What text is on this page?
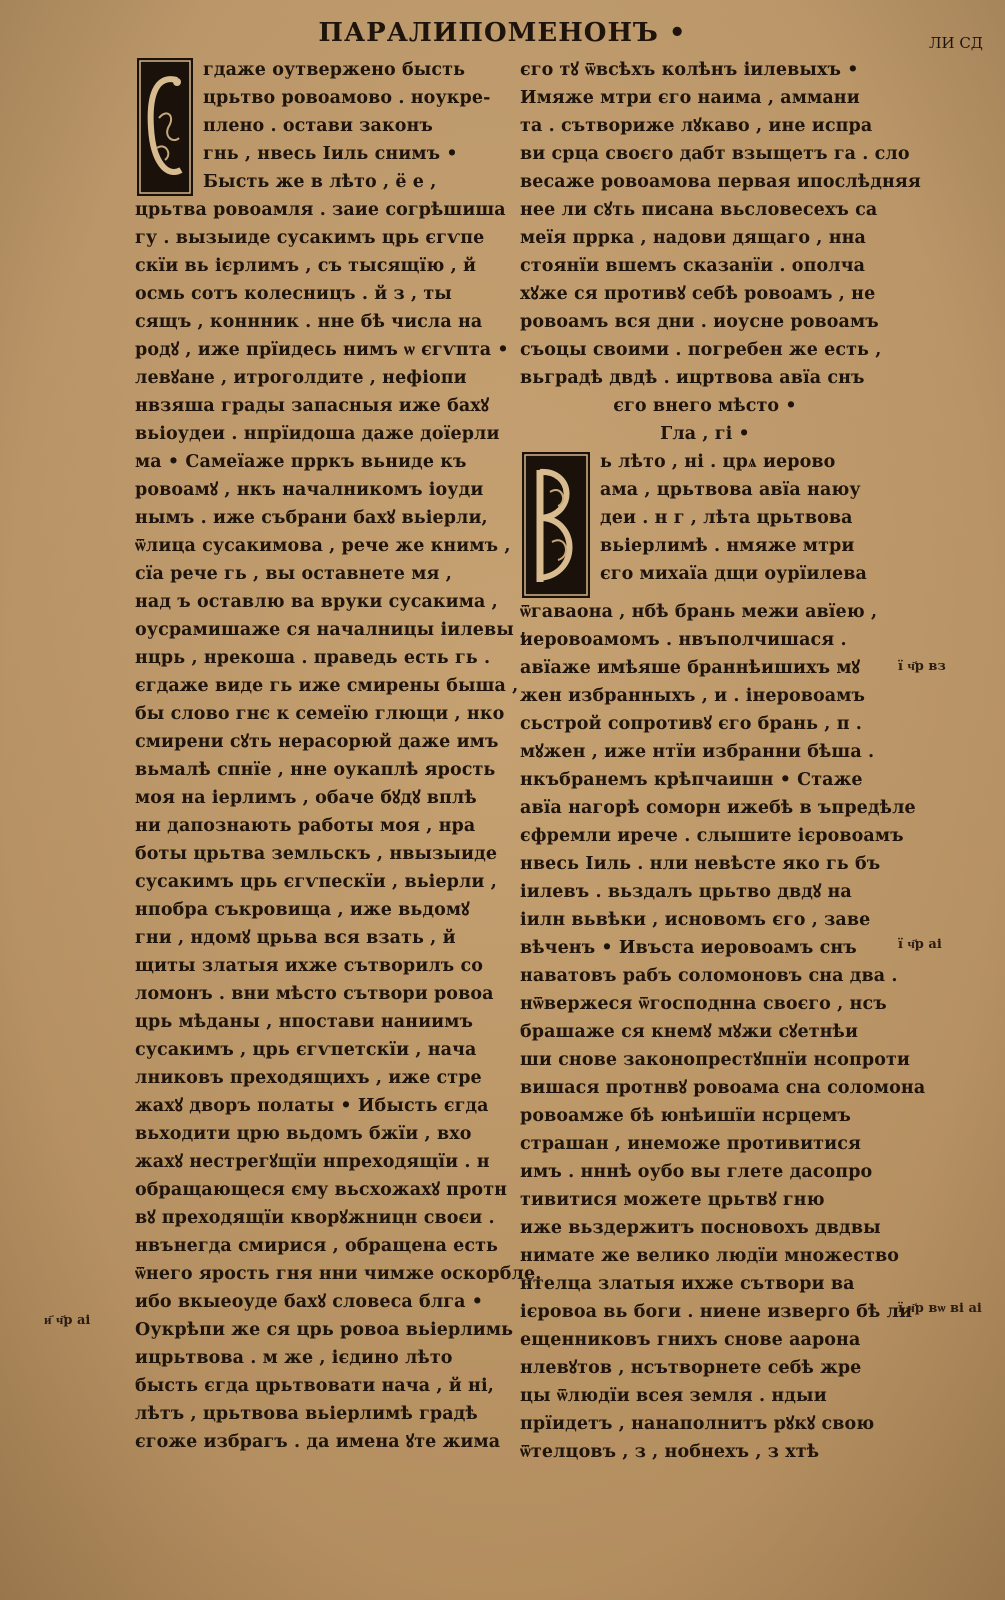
ПАРАЛИПОМЕНОНЪ •	ЛИ СД
гдаже оутвержено бысть
црьтво ровоамово . ноукре-
плено . остави законъ
гнь , нвесь Іиль снимъ •
Бысть же в лѣто , ё е ,
црьтва ровоамля . заие согрѣшиша
гу . вызыиде сусакимъ црь єгѵпе
скїи вь ієрлимъ , съ тысящїю , й
осмь сотъ колесницъ . й з , ты
сящъ , коннник . нне бѣ числа на
родꙋ , иже прїидесь нимъ ѡ єгѵпта •
левꙋане , итроголдите , нефіопи
нвзяша грады запасныя иже бахꙋ
вьіоудеи . нпрїидоша даже доїерли
ма • Самеїаже прркъ вьниде къ
ровоамꙋ , нкъ началникомъ іоуди
нымъ . иже събрани бахꙋ вьіерли,
ѿлица сусакимова , рече же книмъ ,
сїа рече гь , вы оставнете мя ,
над ъ оставлю ва вруки сусакима ,
оусрамишаже ся началницы іилевы ,
нцрь , нрекоша . праведь есть гь .
єгдаже виде гь иже смирены быша ,
бы слово гнє к семеїю глющи , нко
смирени сꙋть нерасорюй даже имъ
вьмалѣ спнїе , нне оукаплѣ ярость
моя на іерлимъ , обаче бꙋдꙋ вплѣ
ни дапознають работы моя , нра
боты црьтва земльскъ , нвызыиде
сусакимъ црь єгѵпескїи , вьіерли ,
нпобра съкровища , иже вьдомꙋ
гни , ндомꙋ црьва вся взать , й
щиты златыя ихже сътворилъ со
ломонъ . вни мѣсто сътвори ровоа
црь мѣданы , нпостави наниимъ
сусакимъ , црь єгѵпетскїи , нача
лниковъ преходящихъ , иже стре
жахꙋ дворъ полаты • Ибысть єгда
вьходити црю вьдомъ бжїи , вхо
жахꙋ нестрегꙋщїи нпреходящїи . н
обращающеся єму вьсхожахꙋ протн
вꙋ преходящїи кворꙋжницн своєи .
нвънегда смирися , обращена есть
ѿнего ярость гня нни чимже оскорбле.
ибо вкыеоуде бахꙋ словеса блга •
Оукрѣпи же ся црь ровоа вьіерлимь
ицрьтвова . м же , ієдино лѣто
бысть єгда црьтвовати нача , й ні,
лѣтъ , црьтвова вьіерлимѣ градѣ
єгоже избрагъ . да имена ꙋте жима
єго тꙋ ѿвсѣхъ колѣнъ іилевыхъ •
Имяже мтри єго наима , аммани
та . сътвориже лꙋкаво , ине испра
ви срца своєго дабт взыщетъ га . сло
весаже ровоамова первая ипослѣдняя
нее ли сꙋть писана вьсловесехъ са
меїя прркa , надови дящаго , нна
стоянїи вшемъ сказанїи . ополча
хꙋже ся противꙋ себѣ ровоамъ , не
ровоамъ вся дни . иоусне ровоамъ
съоцы своими . погребен же есть ,
вьградѣ двдѣ . ицртвова авїа снъ
єго внего мѣсто •
Гла , гі •
ь лѣто , ні . црѧ иерово
ама , црьтвова авїа наюу
деи . н г , лѣта црьтвова
вьіерлимѣ . нмяже мтри
єго михаїа дщи оурїилева
ѿгаваона , нбѣ брань межи авїею ,
иеровоамомъ . нвъполчишася .
авїаже имѣяше браннѣишихъ мꙋ
жен избранныхъ , и . інеровоамъ
сьстрой сопротивꙋ єго брань , п .
мꙋжен , иже нтїи избранни бѣша .
нкъбранемъ крѣпчаишн • Стаже
авїа нагорѣ соморн ижебѣ в ъпредѣле
єфремли ирече . слышите ієровоамъ
нвесь Іиль . нли невѣсте яко гь бъ
іилевъ . вьздалъ црьтво двдꙋ на
іилн вьвѣки , исновомъ єго , заве
вѣченъ • Ивъста иеровоамъ снъ
наватовъ рабъ соломоновъ сна два .
нѿвержеся ѿгосподнна своєго , нсъ
брашаже ся кнемꙋ мꙋжи сꙋетнѣи
ши снове законопрестꙋпнїи нсопроти
вишася протнвꙋ ровоама сна соломона
ровоамже бѣ юнѣишїи нсрцемъ
страшан , инеможе противитися
имъ . нннѣ оубо вы глете дасопро
тивитися можете црьтвꙋ гню
иже вьздержитъ посновохъ двдвы
нимате же велико людїи множество
нтелца златыя ихже сътвори ва
ієровоа вь боги . ниене изверго бѣ ли
ещенниковъ гнихъ снове аарона
нлевꙋтов , нсътворнете себѣ жре
цы ѿлюдїи всея земля . ндыи
прїидетъ , нанаполнитъ рꙋкꙋ свою
ѿтелцовъ , з , нобнехъ , з хтѣ
ї ч҃р вз
ї ч҃р аі
ї ч҃р вѡ ві аі
и҃ ч҃р аі
